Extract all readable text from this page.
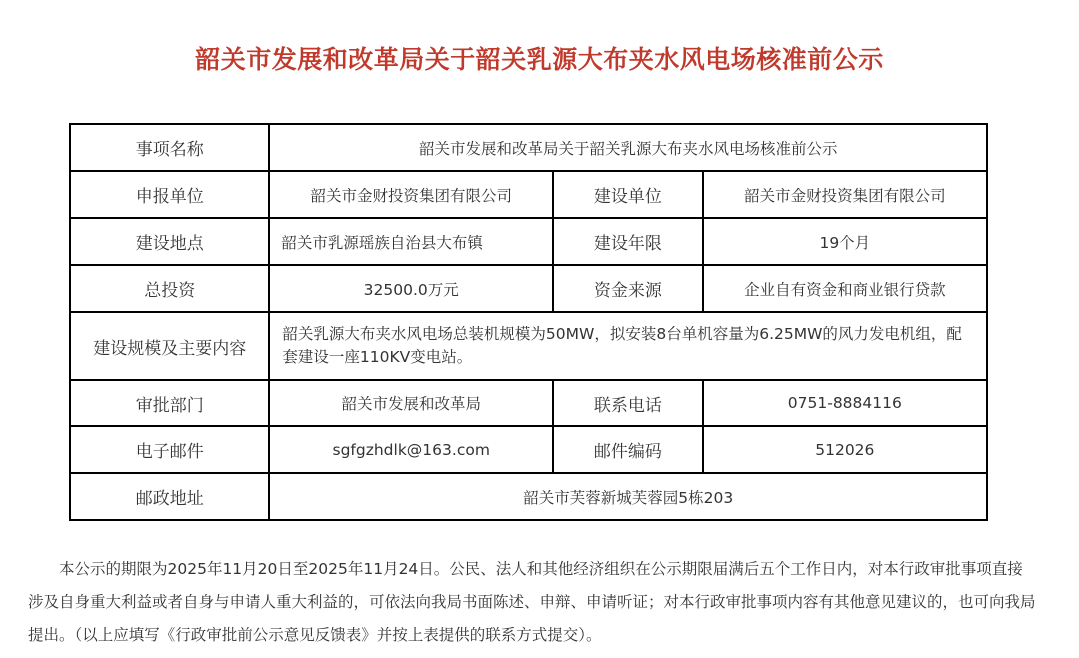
韶关市发展和改革局关于韶关乳源大布夹水风电场核准前公示
事项名称	韶关市发展和改革局关于韶关乳源大布夹水风电场核准前公示		
申报单位	韶关市金财投资集团有限公司	建设单位	韶关市金财投资集团有限公司
建设地点	韶关市乳源瑶族自治县大布镇	建设年限	19个月
总投资	32500.0万元	资金来源	企业自有资金和商业银行贷款
建设规模及主要内容	韶关乳源大布夹水风电场总装机规模为50MW，拟安装8台单机容量为6.25MW的风力发电机组，配套建设一座110KV变电站。		
审批部门	韶关市发展和改革局	联系电话	0751-8884116
电子邮件	sgfgzhdlk@163.com	邮件编码	512026
邮政地址	韶关市芙蓉新城芙蓉园5栋203		

本公示的期限为2025年11月20日至2025年11月24日。公民、法人和其他经济组织在公示期限届满后五个工作日内，对本行政审批事项直接涉及自身重大利益或者自身与申请人重大利益的，可依法向我局书面陈述、申辩、申请听证；对本行政审批事项内容有其他意见建议的，也可向我局提出。（以上应填写《行政审批前公示意见反馈表》并按上表提供的联系方式提交）。
